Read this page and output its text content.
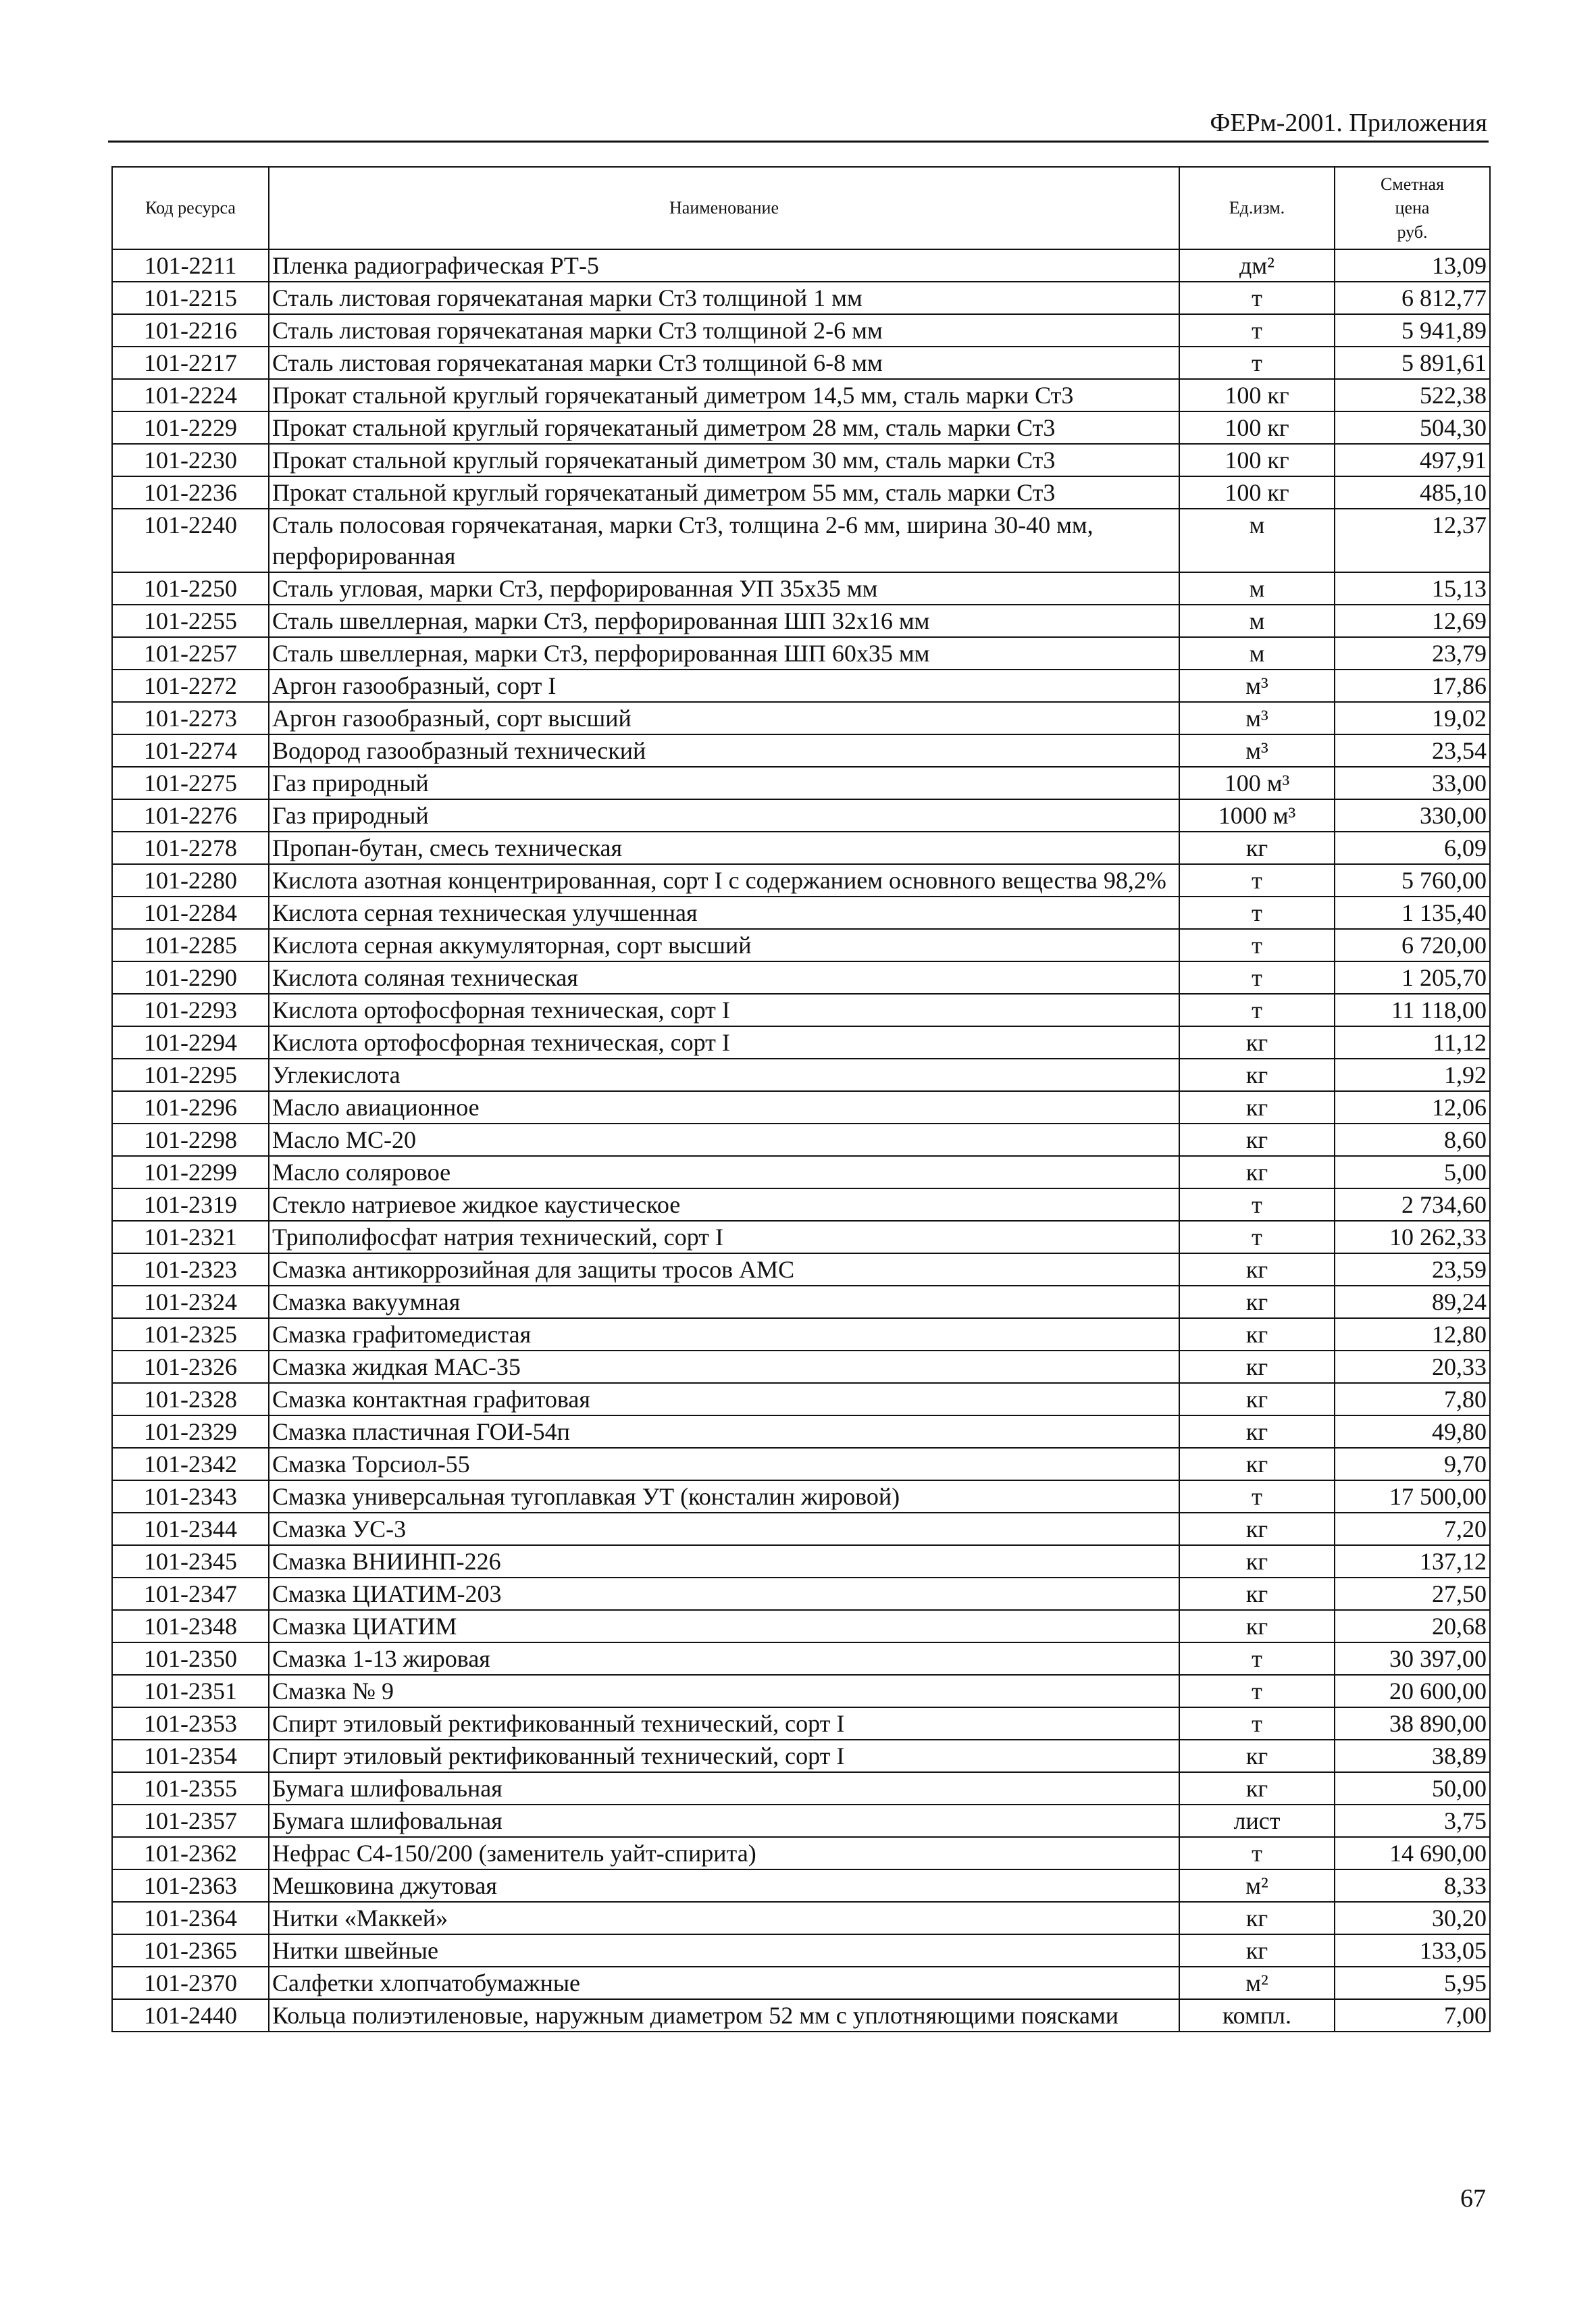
ФЕРм-2001. Приложения
Код ресурса	Наименование	Ед.изм.	Сметная
цена
руб.

101-2211	Пленка радиографическая РТ-5	дм²	13,09
101-2215	Сталь листовая горячекатаная марки Ст3 толщиной 1 мм	т	6 812,77
101-2216	Сталь листовая горячекатаная марки Ст3 толщиной 2-6 мм	т	5 941,89
101-2217	Сталь листовая горячекатаная марки Ст3 толщиной 6-8 мм	т	5 891,61
101-2224	Прокат стальной круглый горячекатаный диметром 14,5 мм, сталь марки Ст3	100 кг	522,38
101-2229	Прокат стальной круглый горячекатаный диметром 28 мм, сталь марки Ст3	100 кг	504,30
101-2230	Прокат стальной круглый горячекатаный диметром 30 мм, сталь марки Ст3	100 кг	497,91
101-2236	Прокат стальной круглый горячекатаный диметром 55 мм, сталь марки Ст3	100 кг	485,10
101-2240	Сталь полосовая горячекатаная, марки Ст3, толщина 2-6 мм, ширина 30-40 мм, перфорированная	м	12,37
101-2250	Сталь угловая, марки Ст3, перфорированная УП 35х35 мм	м	15,13
101-2255	Сталь швеллерная, марки Ст3, перфорированная ШП 32х16 мм	м	12,69
101-2257	Сталь швеллерная, марки Ст3, перфорированная ШП 60х35 мм	м	23,79
101-2272	Аргон газообразный, сорт I	м³	17,86
101-2273	Аргон газообразный, сорт высший	м³	19,02
101-2274	Водород газообразный технический	м³	23,54
101-2275	Газ природный	100 м³	33,00
101-2276	Газ природный	1000 м³	330,00
101-2278	Пропан-бутан, смесь техническая	кг	6,09
101-2280	Кислота азотная концентрированная, сорт I с содержанием основного вещества 98,2%	т	5 760,00
101-2284	Кислота серная техническая улучшенная	т	1 135,40
101-2285	Кислота серная аккумуляторная, сорт высший	т	6 720,00
101-2290	Кислота соляная техническая	т	1 205,70
101-2293	Кислота ортофосфорная техническая, сорт I	т	11 118,00
101-2294	Кислота ортофосфорная техническая, сорт I	кг	11,12
101-2295	Углекислота	кг	1,92
101-2296	Масло авиационное	кг	12,06
101-2298	Масло МС-20	кг	8,60
101-2299	Масло соляровое	кг	5,00
101-2319	Стекло натриевое жидкое каустическое	т	2 734,60
101-2321	Триполифосфат натрия технический, сорт I	т	10 262,33
101-2323	Смазка антикоррозийная для защиты тросов АМС	кг	23,59
101-2324	Смазка вакуумная	кг	89,24
101-2325	Смазка графитомедистая	кг	12,80
101-2326	Смазка жидкая МАС-35	кг	20,33
101-2328	Смазка контактная графитовая	кг	7,80
101-2329	Смазка пластичная ГОИ-54п	кг	49,80
101-2342	Смазка Торсиол-55	кг	9,70
101-2343	Смазка универсальная тугоплавкая УТ (консталин жировой)	т	17 500,00
101-2344	Смазка УС-3	кг	7,20
101-2345	Смазка ВНИИНП-226	кг	137,12
101-2347	Смазка ЦИАТИМ-203	кг	27,50
101-2348	Смазка ЦИАТИМ	кг	20,68
101-2350	Смазка 1-13 жировая	т	30 397,00
101-2351	Смазка № 9	т	20 600,00
101-2353	Спирт этиловый ректификованный технический, сорт I	т	38 890,00
101-2354	Спирт этиловый ректификованный технический, сорт I	кг	38,89
101-2355	Бумага шлифовальная	кг	50,00
101-2357	Бумага шлифовальная	лист	3,75
101-2362	Нефрас С4-150/200 (заменитель уайт-спирита)	т	14 690,00
101-2363	Мешковина джутовая	м²	8,33
101-2364	Нитки «Маккей»	кг	30,20
101-2365	Нитки швейные	кг	133,05
101-2370	Салфетки хлопчатобумажные	м²	5,95
101-2440	Кольца полиэтиленовые, наружным диаметром 52 мм с уплотняющими поясками	компл.	7,00
67
